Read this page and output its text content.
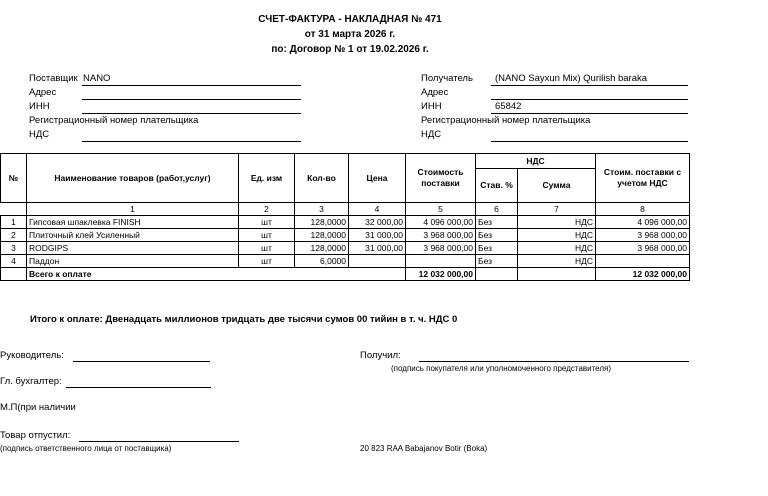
СЧЕТ-ФАКТУРА - НАКЛАДНАЯ № 471
от 31 марта 2026 г.
по: Договор № 1 от 19.02.2026 г.
Поставщик NANO
Адрес
ИНН
Регистрационный номер плательщика
НДС
Получатель (NANO Sayxun Mix) Qurilish baraka
Адрес
ИНН	65842
Регистрационный номер плательщика
НДС
№	Наименование товаров (работ,услуг)	Ед. изм	Кол-во	Цена	Стоимость поставки	НДС		Стоим. поставки с учетом НДС
						Став. %	Сумма	
	1	2	3	4	5	6	7	8
1	Гипсовая шпаклевка FINISH	шт	128,0000	32 000,00	4 096 000,00	Без	НДС	4 096 000,00
2	Плиточный клей Усиленный	шт	128,0000	31 000,00	3 968 000,00	Без	НДС	3 968 000,00
3	RODGIPS	шт	128,0000	31 000,00	3 968 000,00	Без	НДС	3 968 000,00
4	Паддон	шт	6,0000			Без	НДС	
	Всего к оплате				12 032 000,00			12 032 000,00
Итого к оплате: Двенадцать миллионов тридцать две тысячи сумов 00 тийин в т. ч. НДС 0
Руководитель:
Гл. бухгалтер:
М.П(при наличии
Товар отпустил:
(подпись ответственного лица от поставщика)
Получил:
(подпись покупателя или уполномоченного представителя)
20 823 RAA Babajanov Botir (Boka)
